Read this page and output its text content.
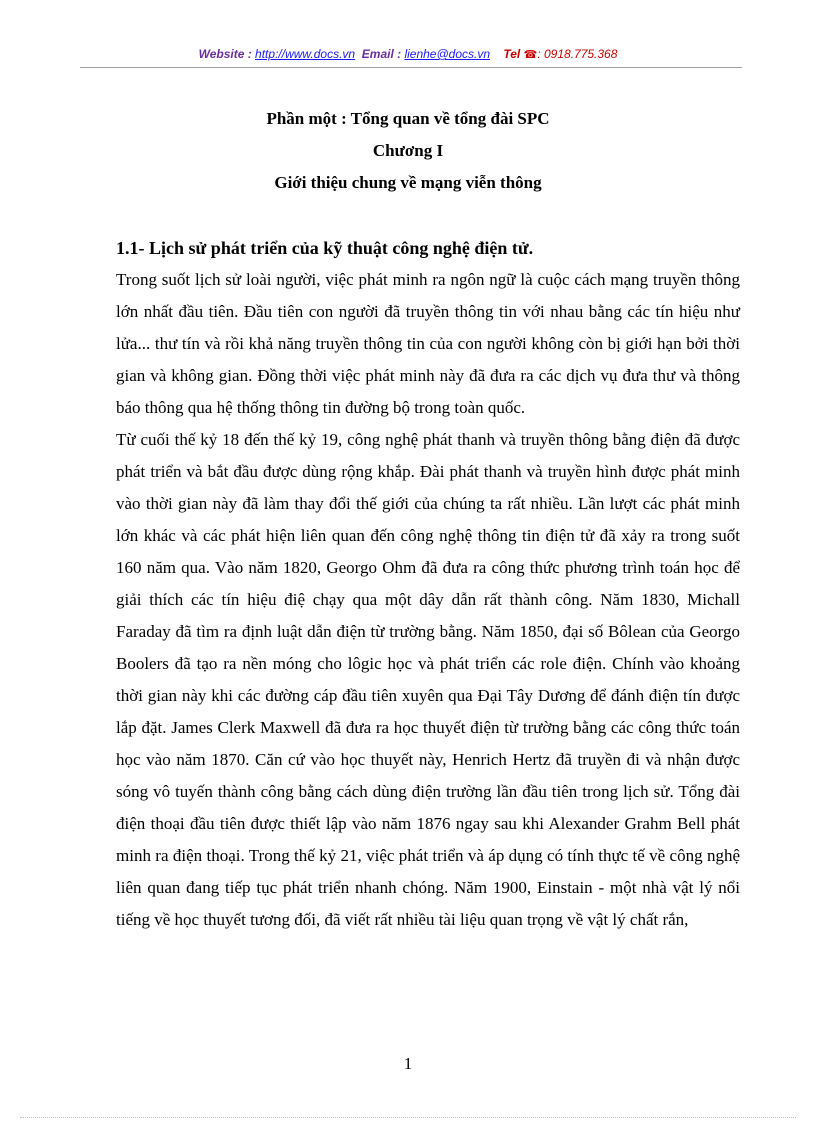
Website : http://www.docs.vn Email : lienhe@docs.vn Tel ☎: 0918.775.368
Phần một : Tổng quan về tổng đài SPC
Chương I
Giới thiệu chung về mạng viễn thông
1.1- Lịch sử phát triển của kỹ thuật công nghệ điện tử.

Trong suốt lịch sử loài người, việc phát minh ra ngôn ngữ là cuộc cách mạng truyền thông lớn nhất đầu tiên. Đầu tiên con người đã truyền thông tin với nhau bằng các tín hiệu như lửa... thư tín và rồi khả năng truyền thông tin của con người không còn bị giới hạn bởi thời gian và không gian. Đồng thời việc phát minh này đã đưa ra các dịch vụ đưa thư và thông báo thông qua hệ thống thông tin đường bộ trong toàn quốc.

Từ cuối thế kỷ 18 đến thế kỷ 19, công nghệ phát thanh và truyền thông bằng điện đã được phát triển và bắt đầu được dùng rộng khắp. Đài phát thanh và truyền hình được phát minh vào thời gian này đã làm thay đổi thế giới của chúng ta rất nhiều. Lần lượt các phát minh lớn khác và các phát hiện liên quan đến công nghệ thông tin điện tử đã xảy ra trong suốt 160 năm qua. Vào năm 1820, Georgo Ohm đã đưa ra công thức phương trình toán học để giải thích các tín hiệu điệ chạy qua một dây dẫn rất thành công. Năm 1830, Michall Faraday đã tìm ra định luật dẫn điện từ trường bằng. Năm 1850, đại số Bôlean của Georgo Boolers đã tạo ra nền móng cho lôgic học và phát triển các role điện. Chính vào khoảng thời gian này khi các đường cáp đầu tiên xuyên qua Đại Tây Dương để đánh điện tín được lắp đặt. James Clerk Maxwell đã đưa ra học thuyết điện từ trường bằng các công thức toán học vào năm 1870. Căn cứ vào học thuyết này, Henrich Hertz đã truyền đi và nhận được sóng vô tuyến thành công bằng cách dùng điện trường lần đầu tiên trong lịch sử. Tổng đài điện thoại đầu tiên được thiết lập vào năm 1876 ngay sau khi Alexander Grahm Bell phát minh ra điện thoại. Trong thế kỷ 21, việc phát triển và áp dụng có tính thực tế về công nghệ liên quan đang tiếp tục phát triển nhanh chóng. Năm 1900, Einstain - một nhà vật lý nổi tiếng về học thuyết tương đối, đã viết rất nhiều tài liệu quan trọng về vật lý chất rắn,

1
